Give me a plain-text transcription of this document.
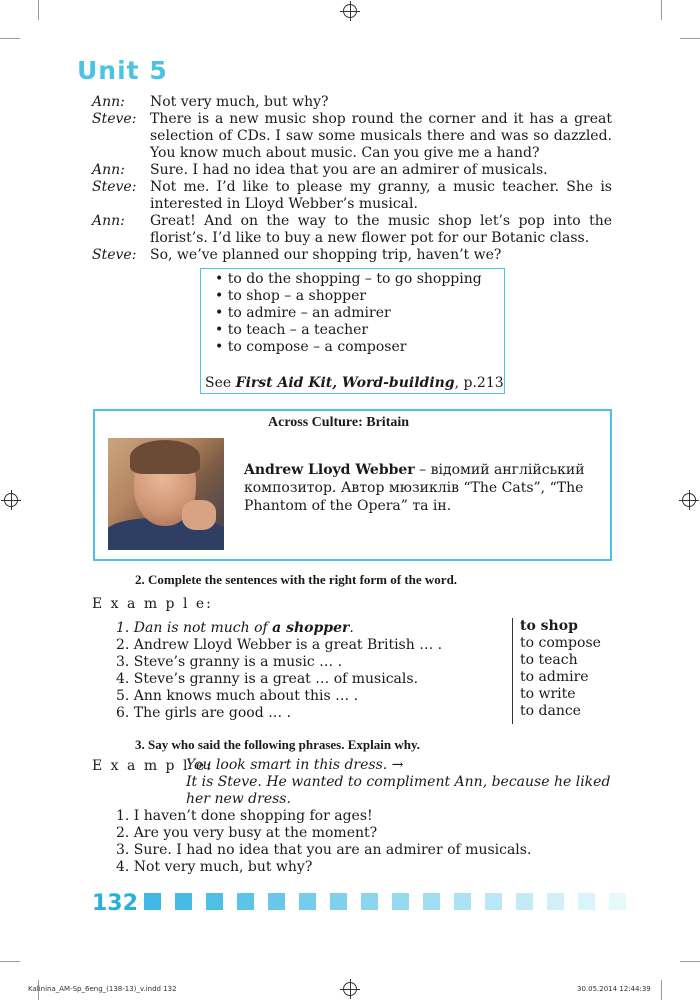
Unit 5
Ann: Not very much, but why?
Steve: There is a new music shop round the corner and it has a great selection of CDs. I saw some musicals there and was so dazzled. You know much about music. Can you give me a hand?
Ann: Sure. I had no idea that you are an admirer of musicals.
Steve: Not me. I’d like to please my granny, a music teacher. She is interested in Lloyd Webber’s musical.
Ann: Great! And on the way to the music shop let’s pop into the florist’s. I’d like to buy a new flower pot for our Botanic class.
Steve: So, we’ve planned our shopping trip, haven’t we?
• to do the shopping – to go shopping
• to shop – a shopper
• to admire – an admirer
• to teach – a teacher
• to compose – a composer
See First Aid Kit, Word-building, p.213
Across Culture: Britain
Andrew Lloyd Webber – відомий англійський композитор. Автор мюзиклів “The Cats”, “The Phantom of the Opera” та ін.
2. Complete the sentences with the right form of the word.
E x a m p l e:
1. Dan is not much of a shopper.
2. Andrew Lloyd Webber is a great British … .
3. Steve’s granny is a music … .
4. Steve’s granny is a great … of musicals.
5. Ann knows much about this … .
6. The girls are good … .
to shop
to compose
to teach
to admire
to write
to dance
3. Say who said the following phrases. Explain why.
E x a m p l e:
You look smart in this dress. →
It is Steve. He wanted to compliment Ann, because he liked
her new dress.
1. I haven’t done shopping for ages!
2. Are you very busy at the moment?
3. Sure. I had no idea that you are an admirer of musicals.
4. Not very much, but why?
132
Kalinina_AM-Sp_6eng_(138-13)_v.indd 132	30.05.2014 12:44:39
